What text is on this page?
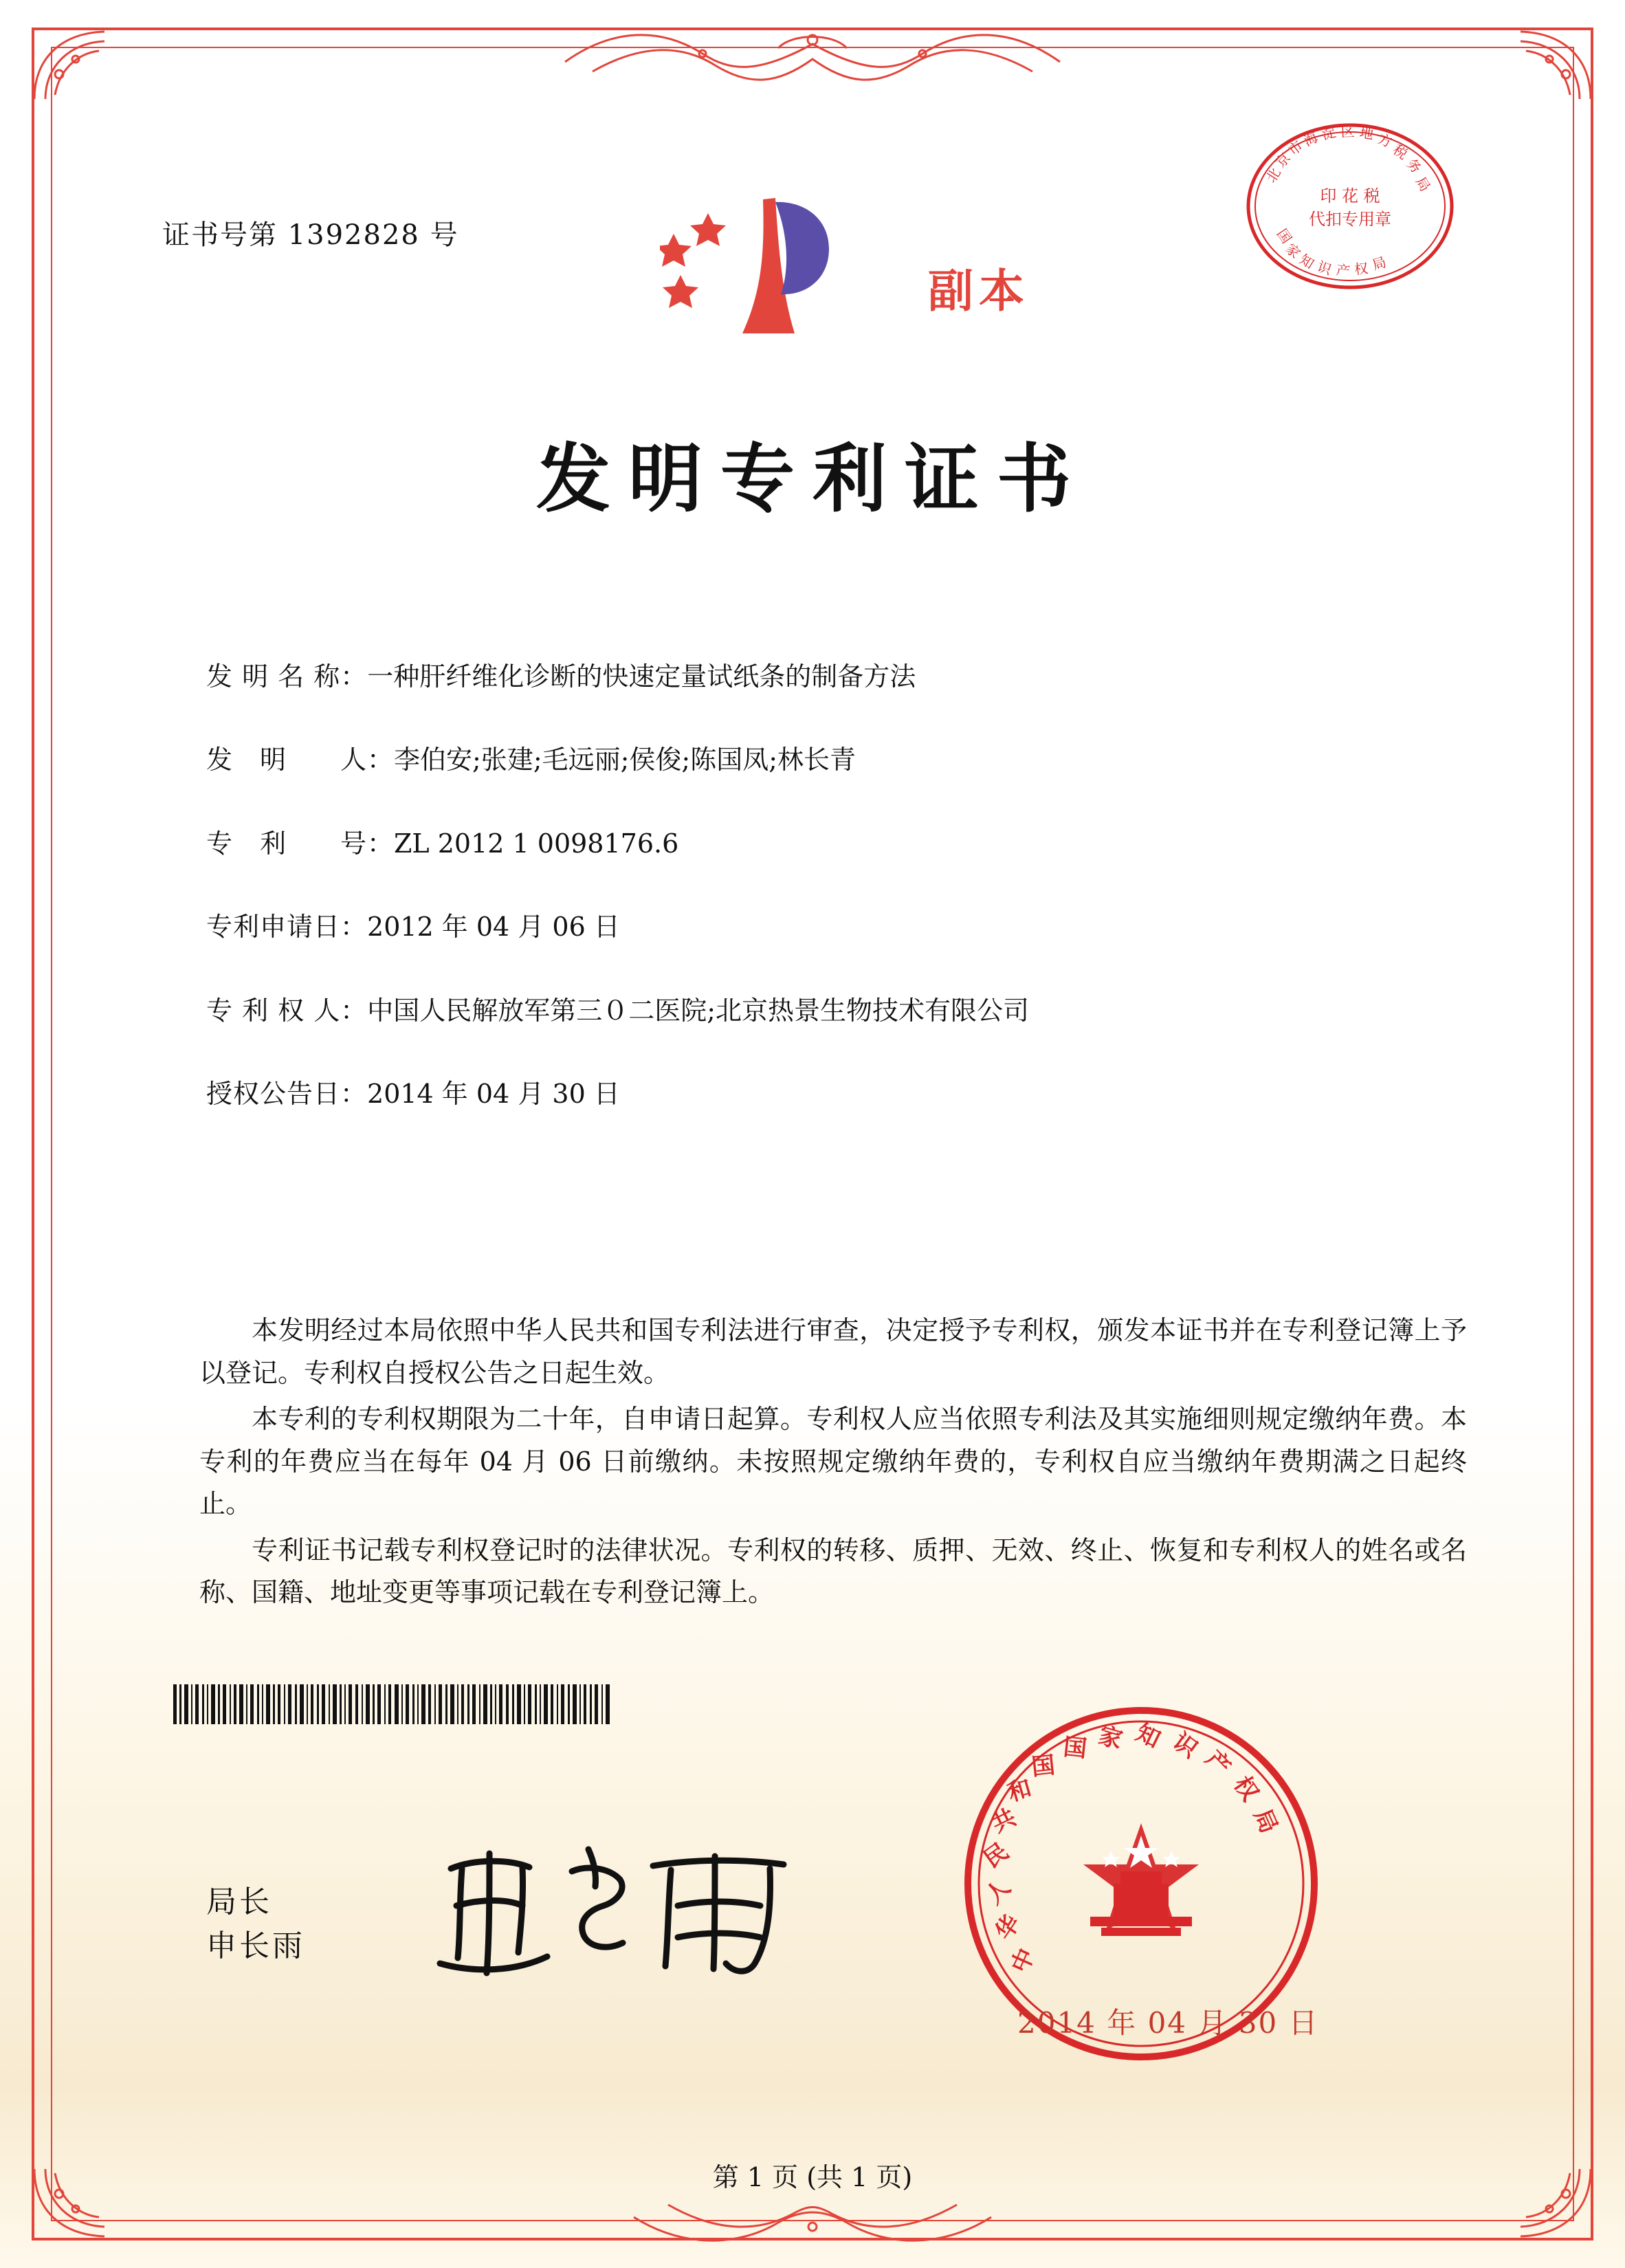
证书号第 1392828 号
副本
印 花 税
代扣专用章
北
京
市
海 淀 区 地 方
税
务
局
国
家
知
识 产 权 局
发明专利证书
发 明 名 称：一种肝纤维化诊断的快速定量试纸条的制备方法
发　明　　人：李伯安;张建;毛远丽;侯俊;陈国凤;林长青
专　利　　号：ZL 2012 1 0098176.6
专利申请日：2012 年 04 月 06 日
专 利 权 人：中国人民解放军第三０二医院;北京热景生物技术有限公司
授权公告日：2014 年 04 月 30 日

本发明经过本局依照中华人民共和国专利法进行审查，决定授予专利权，颁发本证书并在专利登记簿上予以登记。专利权自授权公告之日起生效。

本专利的专利权期限为二十年，自申请日起算。专利权人应当依照专利法及其实施细则规定缴纳年费。本专利的年费应当在每年 04 月 06 日前缴纳。未按照规定缴纳年费的，专利权自应当缴纳年费期满之日起终止。

专利证书记载专利权登记时的法律状况。专利权的转移、质押、无效、终止、恢复和专利权人的姓名或名称、国籍、地址变更等事项记载在专利登记簿上。

局长
申长雨	中
华
人
民
共
和
国
国 家 知 识
产
权
局
2014 年 04 月 30 日
第 1 页 (共 1 页)
